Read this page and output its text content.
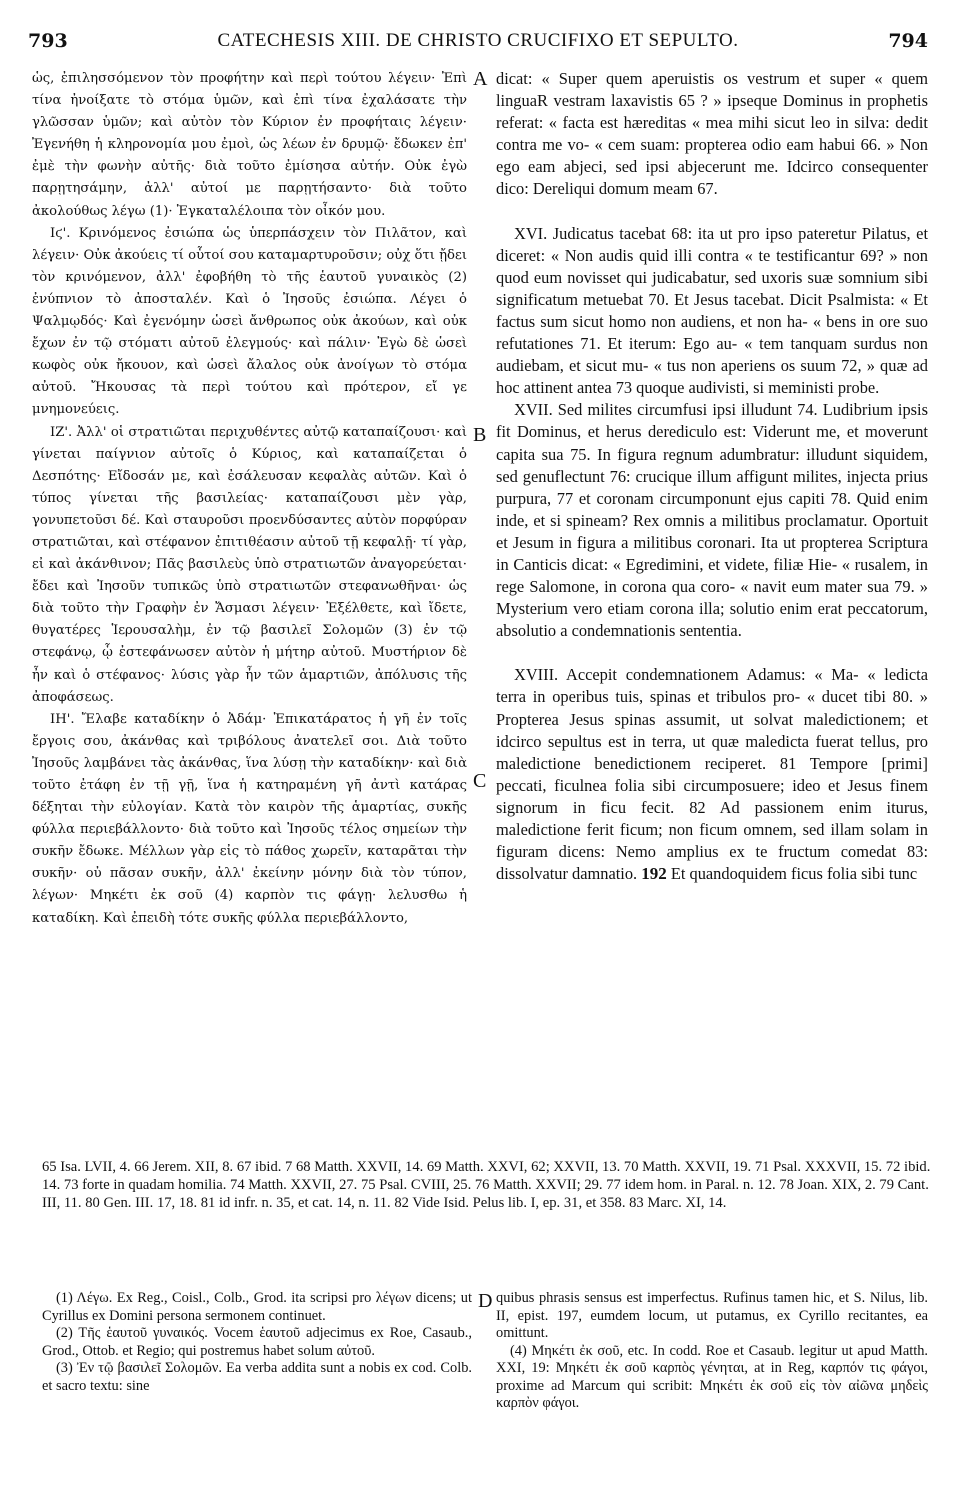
793	CATECHESIS XIII. DE CHRISTO CRUCIFIXO ET SEPULTO.	794
A
B
C
D

ὡς, ἐπιλησσόμενον τὸν προφήτην καὶ περὶ τούτου λέγειν· Ἐπὶ τίνα ἠνοίξατε τὸ στόμα ὑμῶν, καὶ ἐπὶ τίνα ἐχαλάσατε τὴν γλῶσσαν ὑμῶν; καὶ αὐτὸν τὸν Κύριον ἐν προφήταις λέγειν· Ἐγενήθη ἡ κληρονομία μου ἐμοὶ, ὡς λέων ἐν δρυμῷ· ἔδωκεν ἐπ' ἐμὲ τὴν φωνὴν αὐτῆς· διὰ τοῦτο ἐμίσησα αὐτήν. Οὐκ ἐγὼ παρῃτησάμην, ἀλλ' αὐτοί με παρῃτήσαντο· διὰ τοῦτο ἀκολούθως λέγω (1)· Ἐγκαταλέλοιπα τὸν οἶκόν μου.

Ιϛ'. Κρινόμενος ἐσιώπα ὡς ὑπερπάσχειν τὸν Πιλᾶτον, καὶ λέγειν· Οὐκ ἀκούεις τί οὗτοί σου καταμαρτυροῦσιν; οὐχ ὅτι ᾔδει τὸν κρινόμενον, ἀλλ' ἐφοβήθη τὸ τῆς ἑαυτοῦ γυναικὸς (2) ἐνύπνιον τὸ ἀποσταλέν. Καὶ ὁ Ἰησοῦς ἐσιώπα. Λέγει ὁ Ψαλμῳδός· Καὶ ἐγενόμην ὡσεὶ ἄνθρωπος οὐκ ἀκούων, καὶ οὐκ ἔχων ἐν τῷ στόματι αὐτοῦ ἐλεγμούς· καὶ πάλιν· Ἐγὼ δὲ ὡσεὶ κωφὸς οὐκ ἤκουον, καὶ ὡσεὶ ἄλαλος οὐκ ἀνοίγων τὸ στόμα αὐτοῦ. Ἤκουσας τὰ περὶ τούτου καὶ πρότερον, εἴ γε μνημονεύεις.

ΙΖ'. Ἀλλ' οἱ στρατιῶται περιχυθέντες αὐτῷ καταπαίζουσι· καὶ γίνεται παίγνιον αὐτοῖς ὁ Κύριος, καὶ καταπαίζεται ὁ Δεσπότης· Εἴδοσάν με, καὶ ἐσάλευσαν κεφαλὰς αὐτῶν. Καὶ ὁ τύπος γίνεται τῆς βασιλείας· καταπαίζουσι μὲν γὰρ, γονυπετοῦσι δέ. Καὶ σταυροῦσι προενδύσαντες αὐτὸν πορφύραν στρατιῶται, καὶ στέφανον ἐπιτιθέασιν αὐτοῦ τῇ κεφαλῇ· τί γὰρ, εἰ καὶ ἀκάνθινον; Πᾶς βασιλεὺς ὑπὸ στρατιωτῶν ἀναγορεύεται· ἔδει καὶ Ἰησοῦν τυπικῶς ὑπὸ στρατιωτῶν στεφανωθῆναι· ὡς διὰ τοῦτο τὴν Γραφὴν ἐν Ἄσμασι λέγειν· Ἐξέλθετε, καὶ ἴδετε, θυγατέρες Ἱερουσαλὴμ, ἐν τῷ βασιλεῖ Σολομῶν (3) ἐν τῷ στεφάνῳ, ᾧ ἐστεφάνωσεν αὐτὸν ἡ μήτηρ αὐτοῦ. Μυστήριον δὲ ἦν καὶ ὁ στέφανος· λύσις γὰρ ἦν τῶν ἁμαρτιῶν, ἀπόλυσις τῆς ἀποφάσεως.

ΙΗ'. Ἔλαβε καταδίκην ὁ Ἀδάμ· Ἐπικατάρατος ἡ γῆ ἐν τοῖς ἔργοις σου, ἀκάνθας καὶ τριβόλους ἀνατελεῖ σοι. Διὰ τοῦτο Ἰησοῦς λαμβάνει τὰς ἀκάνθας, ἵνα λύσῃ τὴν καταδίκην· καὶ διὰ τοῦτο ἐτάφη ἐν τῇ γῇ, ἵνα ἡ κατηραμένη γῆ ἀντὶ κατάρας δέξηται τὴν εὐλογίαν. Κατὰ τὸν καιρὸν τῆς ἁμαρτίας, συκῆς φύλλα περιεβάλλοντο· διὰ τοῦτο καὶ Ἰησοῦς τέλος σημείων τὴν συκῆν ἔδωκε. Μέλλων γὰρ εἰς τὸ πάθος χωρεῖν, καταρᾶται τὴν συκῆν· οὐ πᾶσαν συκῆν, ἀλλ' ἐκείνην μόνην διὰ τὸν τύπον, λέγων· Μηκέτι ἐκ σοῦ (4) καρπὸν τις φάγῃ· λελυσθω ἡ καταδίκη. Καὶ ἐπειδὴ τότε συκῆς φύλλα περιεβάλλοντο,

dicat: « Super quem aperuistis os vestrum et super « quem linguaR vestram laxavistis 65 ? » ipseque Dominus in prophetis referat: « facta est hæreditas « mea mihi sicut leo in silva: dedit contra me vo- « cem suam: propterea odio eam habui 66. » Non ego eam abjeci, sed ipsi abjecerunt me. Idcirco consequenter dico: Dereliqui domum meam 67.

XVI. Judicatus tacebat 68: ita ut pro ipso pateretur Pilatus, et diceret: « Non audis quid illi contra « te testificantur 69? » non quod eum novisset qui judicabatur, sed uxoris suæ somnium sibi significatum metuebat 70. Et Jesus tacebat. Dicit Psalmista: « Et factus sum sicut homo non audiens, et non ha- « bens in ore suo refutationes 71. Et iterum: Ego au- « tem tanquam surdus non audiebam, et sicut mu- « tus non aperiens os suum 72, » quæ ad hoc attinent antea 73 quoque audivisti, si meministi probe.

XVII. Sed milites circumfusi ipsi illudunt 74. Ludibrium ipsis fit Dominus, et herus derediculo est: Viderunt me, et moverunt capita sua 75. In figura regnum adumbratur: illudunt siquidem, sed genuflectunt 76: crucique illum affigunt milites, injecta prius purpura, 77 et coronam circumponunt ejus capiti 78. Quid enim inde, et si spineam? Rex omnis a militibus proclamatur. Oportuit et Jesum in figura a militibus coronari. Ita ut propterea Scriptura in Canticis dicat: « Egredimini, et videte, filiæ Hie- « rusalem, in rege Salomone, in corona qua coro- « navit eum mater sua 79. » Mysterium vero etiam corona illa; solutio enim erat peccatorum, absolutio a condemnationis sententia.

XVIII. Accepit condemnationem Adamus: « Ma- « ledicta terra in operibus tuis, spinas et tribulos pro- « ducet tibi 80. » Propterea Jesus spinas assumit, ut solvat maledictionem; et idcirco sepultus est in terra, ut quæ maledicta fuerat tellus, pro maledictione benedictionem reciperet. 81 Tempore [primi] peccati, ficulnea folia sibi circumposuere; ideo et Jesus finem signorum in ficu fecit. 82 Ad passionem enim iturus, maledictione ferit ficum; non ficum omnem, sed illam solam in figuram dicens: Nemo amplius ex te fructum comedat 83: dissolvatur damnatio. 192 Et quandoquidem ficus folia sibi tunc

65 Isa. LVII, 4. 66 Jerem. XII, 8. 67 ibid. 7 68 Matth. XXVII, 14. 69 Matth. XXVI, 62; XXVII, 13. 70 Matth. XXVII, 19. 71 Psal. XXXVII, 15. 72 ibid. 14. 73 forte in quadam homilia. 74 Matth. XXVII, 27. 75 Psal. CVIII, 25. 76 Matth. XXVII; 29. 77 idem hom. in Paral. n. 12. 78 Joan. XIX, 2. 79 Cant. III, 11. 80 Gen. III. 17, 18. 81 id infr. n. 35, et cat. 14, n. 11. 82 Vide Isid. Pelus lib. I, ep. 31, et 358. 83 Marc. XI, 14.

(1) Λέγω. Ex Reg., Coisl., Colb., Grod. ita scripsi pro λέγων dicens; ut Cyrillus ex Domini persona sermonem continuet.

(2) Τῆς ἑαυτοῦ γυναικός. Vocem ἑαυτοῦ adjecimus ex Roe, Casaub., Grod., Ottob. et Regio; qui postremus habet solum αὐτοῦ.

(3) Ἐν τῷ βασιλεῖ Σολομῶν. Ea verba addita sunt a nobis ex cod. Colb. et sacro textu: sine

quibus phrasis sensus est imperfectus. Rufinus tamen hic, et S. Nilus, lib. II, epist. 197, eumdem locum, ut putamus, ex Cyrillo recitantes, ea omittunt.

(4) Μηκέτι ἐκ σοῦ, etc. In codd. Roe et Casaub. legitur ut apud Matth. XXI, 19: Μηκέτι ἐκ σοῦ καρπὸς γένηται, at in Reg, καρπόν τις φάγοι, proxime ad Marcum qui scribit: Μηκέτι ἐκ σοῦ εἰς τὸν αἰῶνα μηδεὶς καρπὸν φάγοι.
